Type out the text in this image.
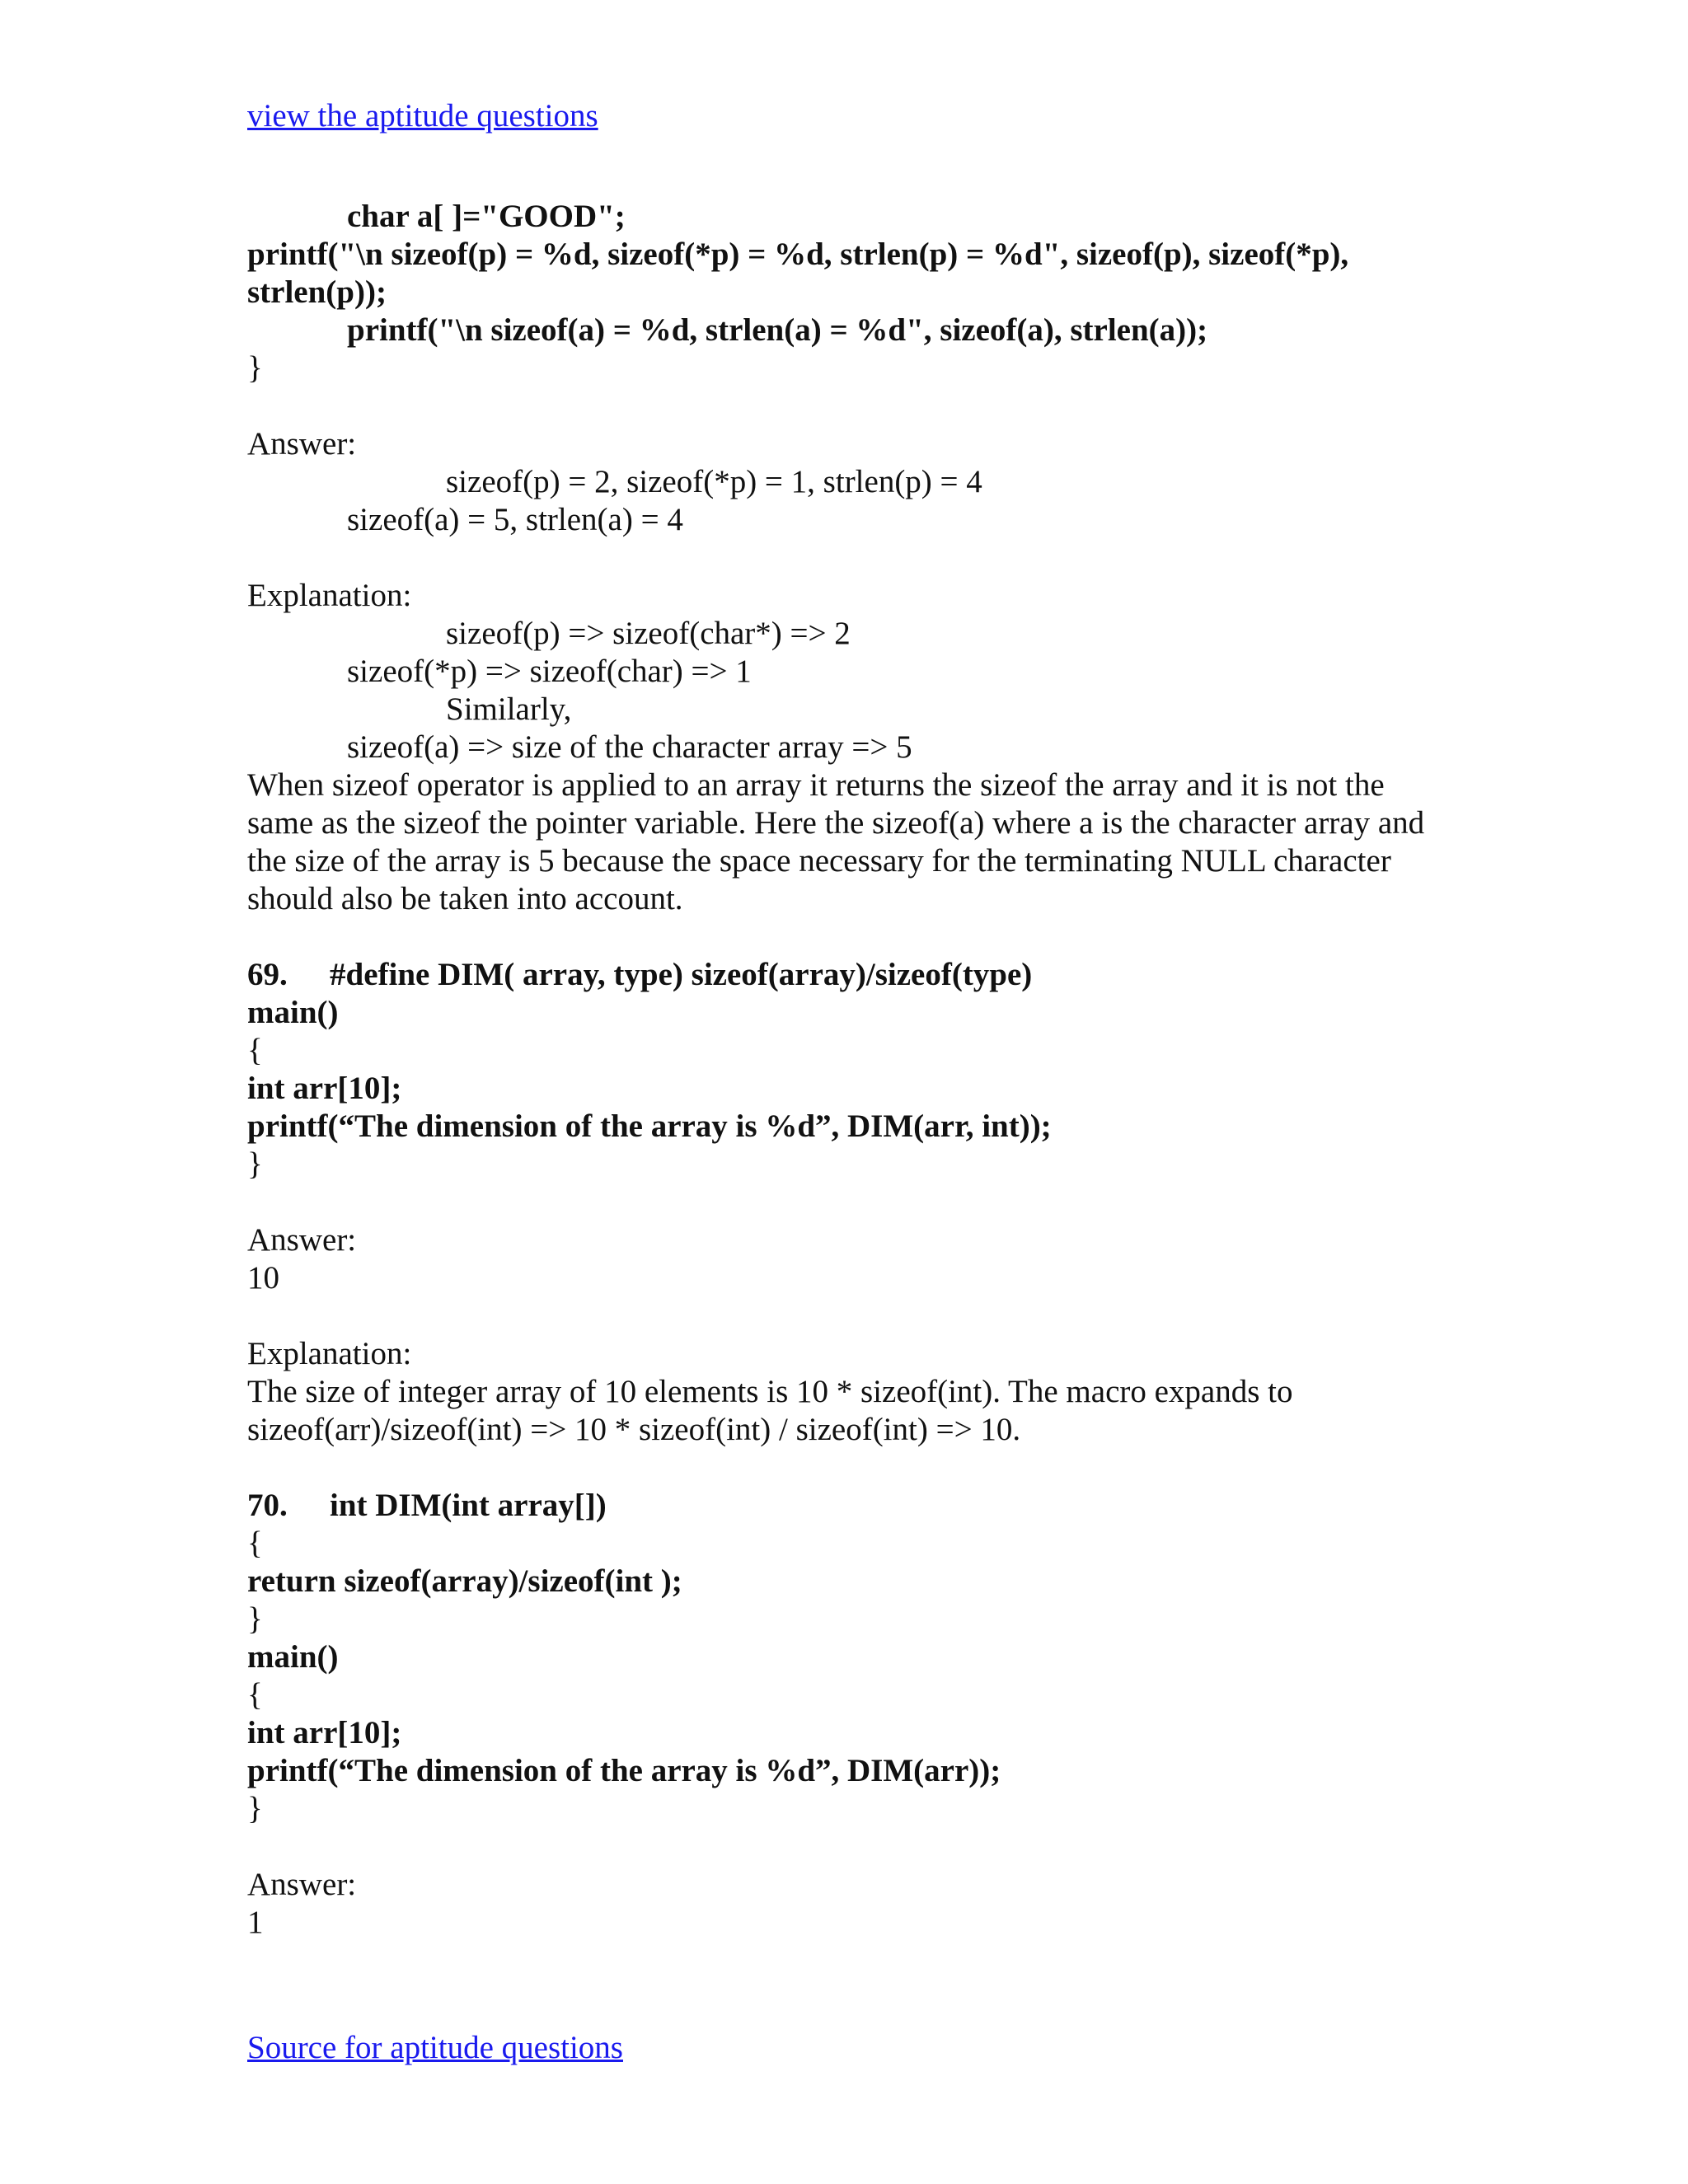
view the aptitude questions
char a[ ]="GOOD";
printf("\n sizeof(p) = %d, sizeof(*p) = %d, strlen(p) = %d", sizeof(p), sizeof(*p), strlen(p));
printf("\n sizeof(a) = %d, strlen(a) = %d", sizeof(a), strlen(a));
}
Answer:
sizeof(p) = 2, sizeof(*p) = 1, strlen(p) = 4
sizeof(a) = 5, strlen(a) = 4
Explanation:
sizeof(p) => sizeof(char*) => 2
sizeof(*p) => sizeof(char) => 1
Similarly,
sizeof(a) => size of the character array => 5
When sizeof operator is applied to an array it returns the sizeof the array and it is not the same as the sizeof the pointer variable. Here the sizeof(a) where a is the character array and the size of the array is 5 because the space necessary for the terminating NULL character should also be taken into account.
69. #define DIM( array, type) sizeof(array)/sizeof(type)
main()
{
int arr[10];
printf(“The dimension of the array is %d”, DIM(arr, int));
}
Answer:
10
Explanation:
The size of integer array of 10 elements is 10 * sizeof(int). The macro expands to sizeof(arr)/sizeof(int) => 10 * sizeof(int) / sizeof(int) => 10.
70. int DIM(int array[])
{
return sizeof(array)/sizeof(int );
}
main()
{
int arr[10];
printf(“The dimension of the array is %d”, DIM(arr));
}
Answer:
1
Source for aptitude questions
